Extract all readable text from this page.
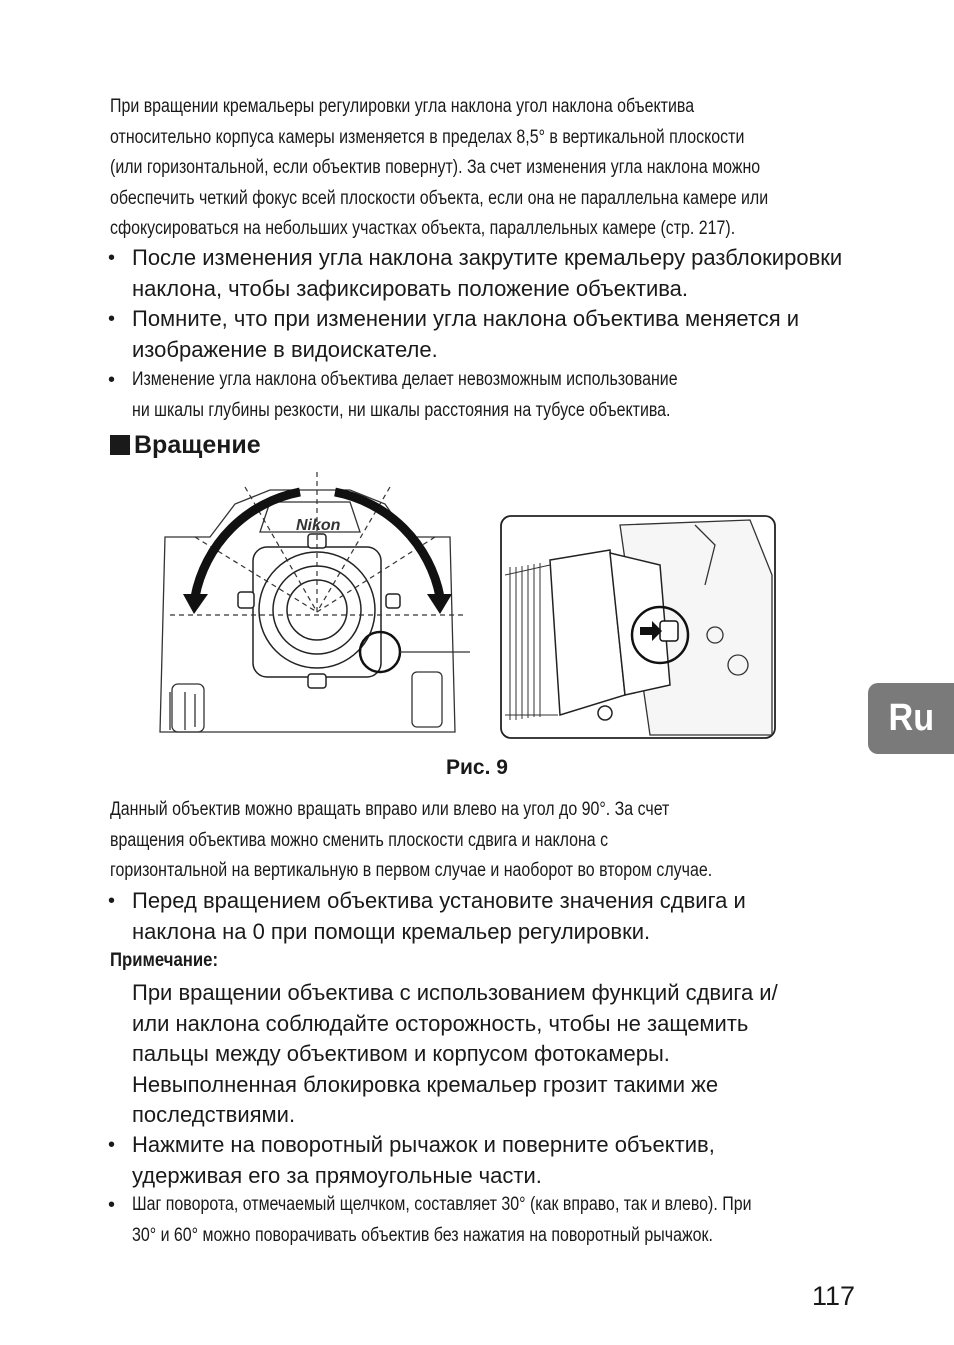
При вращении кремальеры регулировки угла наклона угол наклона объектива
относительно корпуса камеры изменяется в пределах 8,5° в вертикальной плоскости
(или горизонтальной, если объектив повернут). За счет изменения угла наклона можно
обеспечить четкий фокус всей плоскости объекта, если она не параллельна камере или
сфокусироваться на небольших участках объекта, параллельных камере (стр. 217).
• После изменения угла наклона закрутите кремальеру разблокировки
наклона, чтобы зафиксировать положение объектива.
• Помните, что при изменении угла наклона объектива меняется и
изображение в видоискателе.
• Изменение угла наклона объектива делает невозможным использование
ни шкалы глубины резкости, ни шкалы расстояния на тубусе объектива.
Вращение
Nikon
Рис. 9
Данный объектив можно вращать вправо или влево на угол до 90°. За счет
вращения объектива можно сменить плоскости сдвига и наклона с
горизонтальной на вертикальную в первом случае и наоборот во втором случае.
• Перед вращением объектива установите значения сдвига и
наклона на 0 при помощи кремальер регулировки.
Примечание:
При вращении объектива с использованием функций сдвига и/
или наклона соблюдайте осторожность, чтобы не защемить
пальцы между объективом и корпусом фотокамеры.
Невыполненная блокировка кремальер грозит такими же
последствиями.
• Нажмите на поворотный рычажок и поверните объектив,
удерживая его за прямоугольные части.
• Шаг поворота, отмечаемый щелчком, составляет 30° (как вправо, так и влево). При
30° и 60° можно поворачивать объектив без нажатия на поворотный рычажок.
Ru
117
